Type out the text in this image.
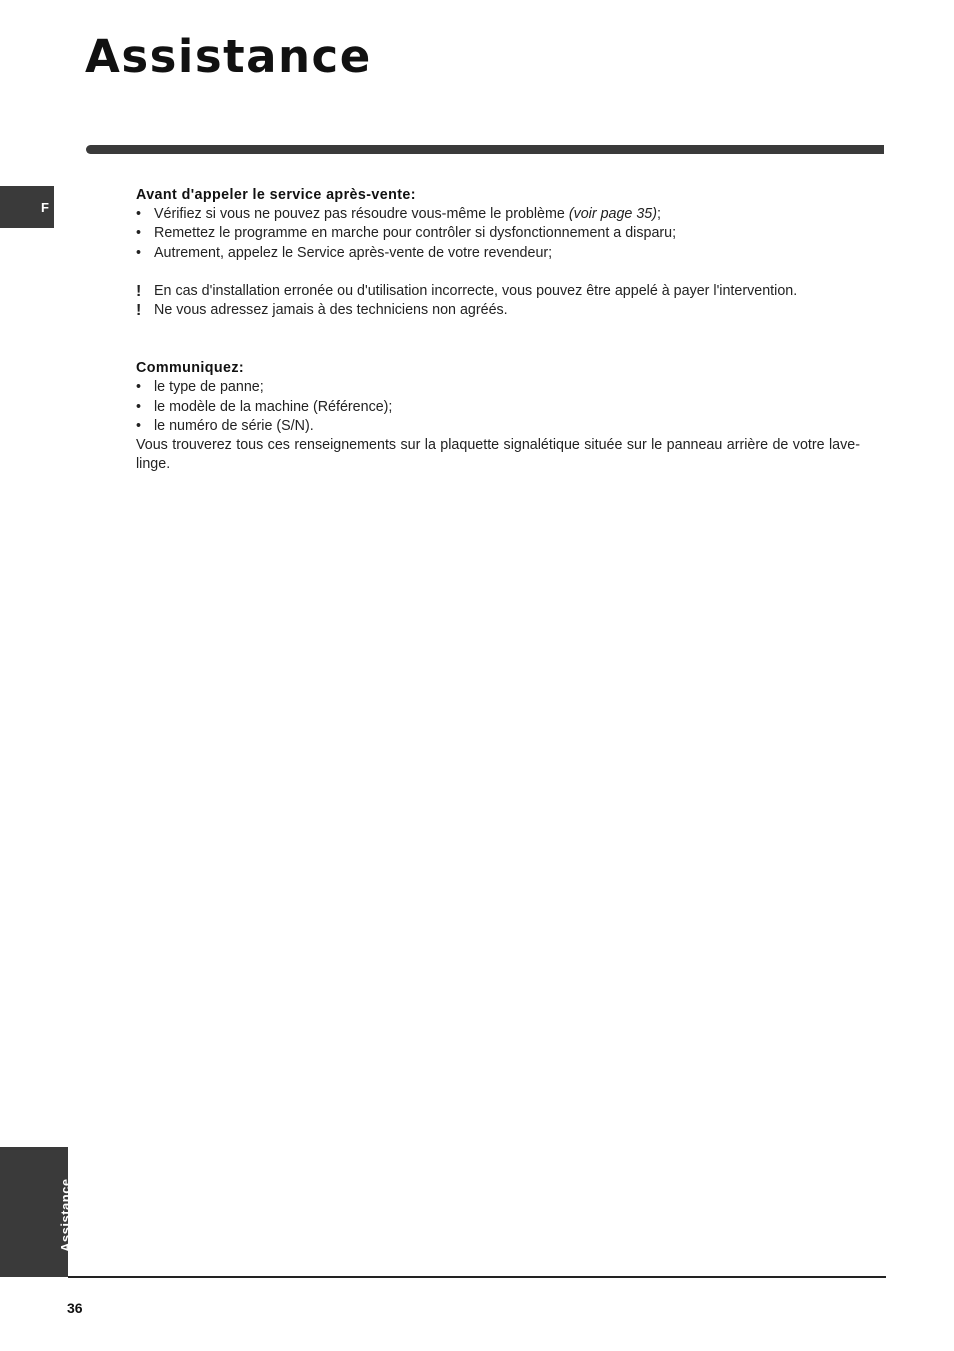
Assistance
F

Avant d'appeler le service après-vente:

• Vérifiez si vous ne pouvez pas résoudre vous-même le problème (voir page 35);
• Remettez le programme en marche pour contrôler si dysfonctionnement a disparu;
• Autrement, appelez le Service après-vente de votre revendeur;
! En cas d'installation erronée ou d'utilisation incorrecte, vous pouvez être appelé à payer l'intervention.
! Ne vous adressez jamais à des techniciens non agréés.

Communiquez:

• le type de panne;
• le modèle de la machine (Référence);
• le numéro de série (S/N).

Vous trouverez tous ces renseignements sur la plaquette signalétique située sur le panneau arrière de votre lave-linge.

Assistance
36
